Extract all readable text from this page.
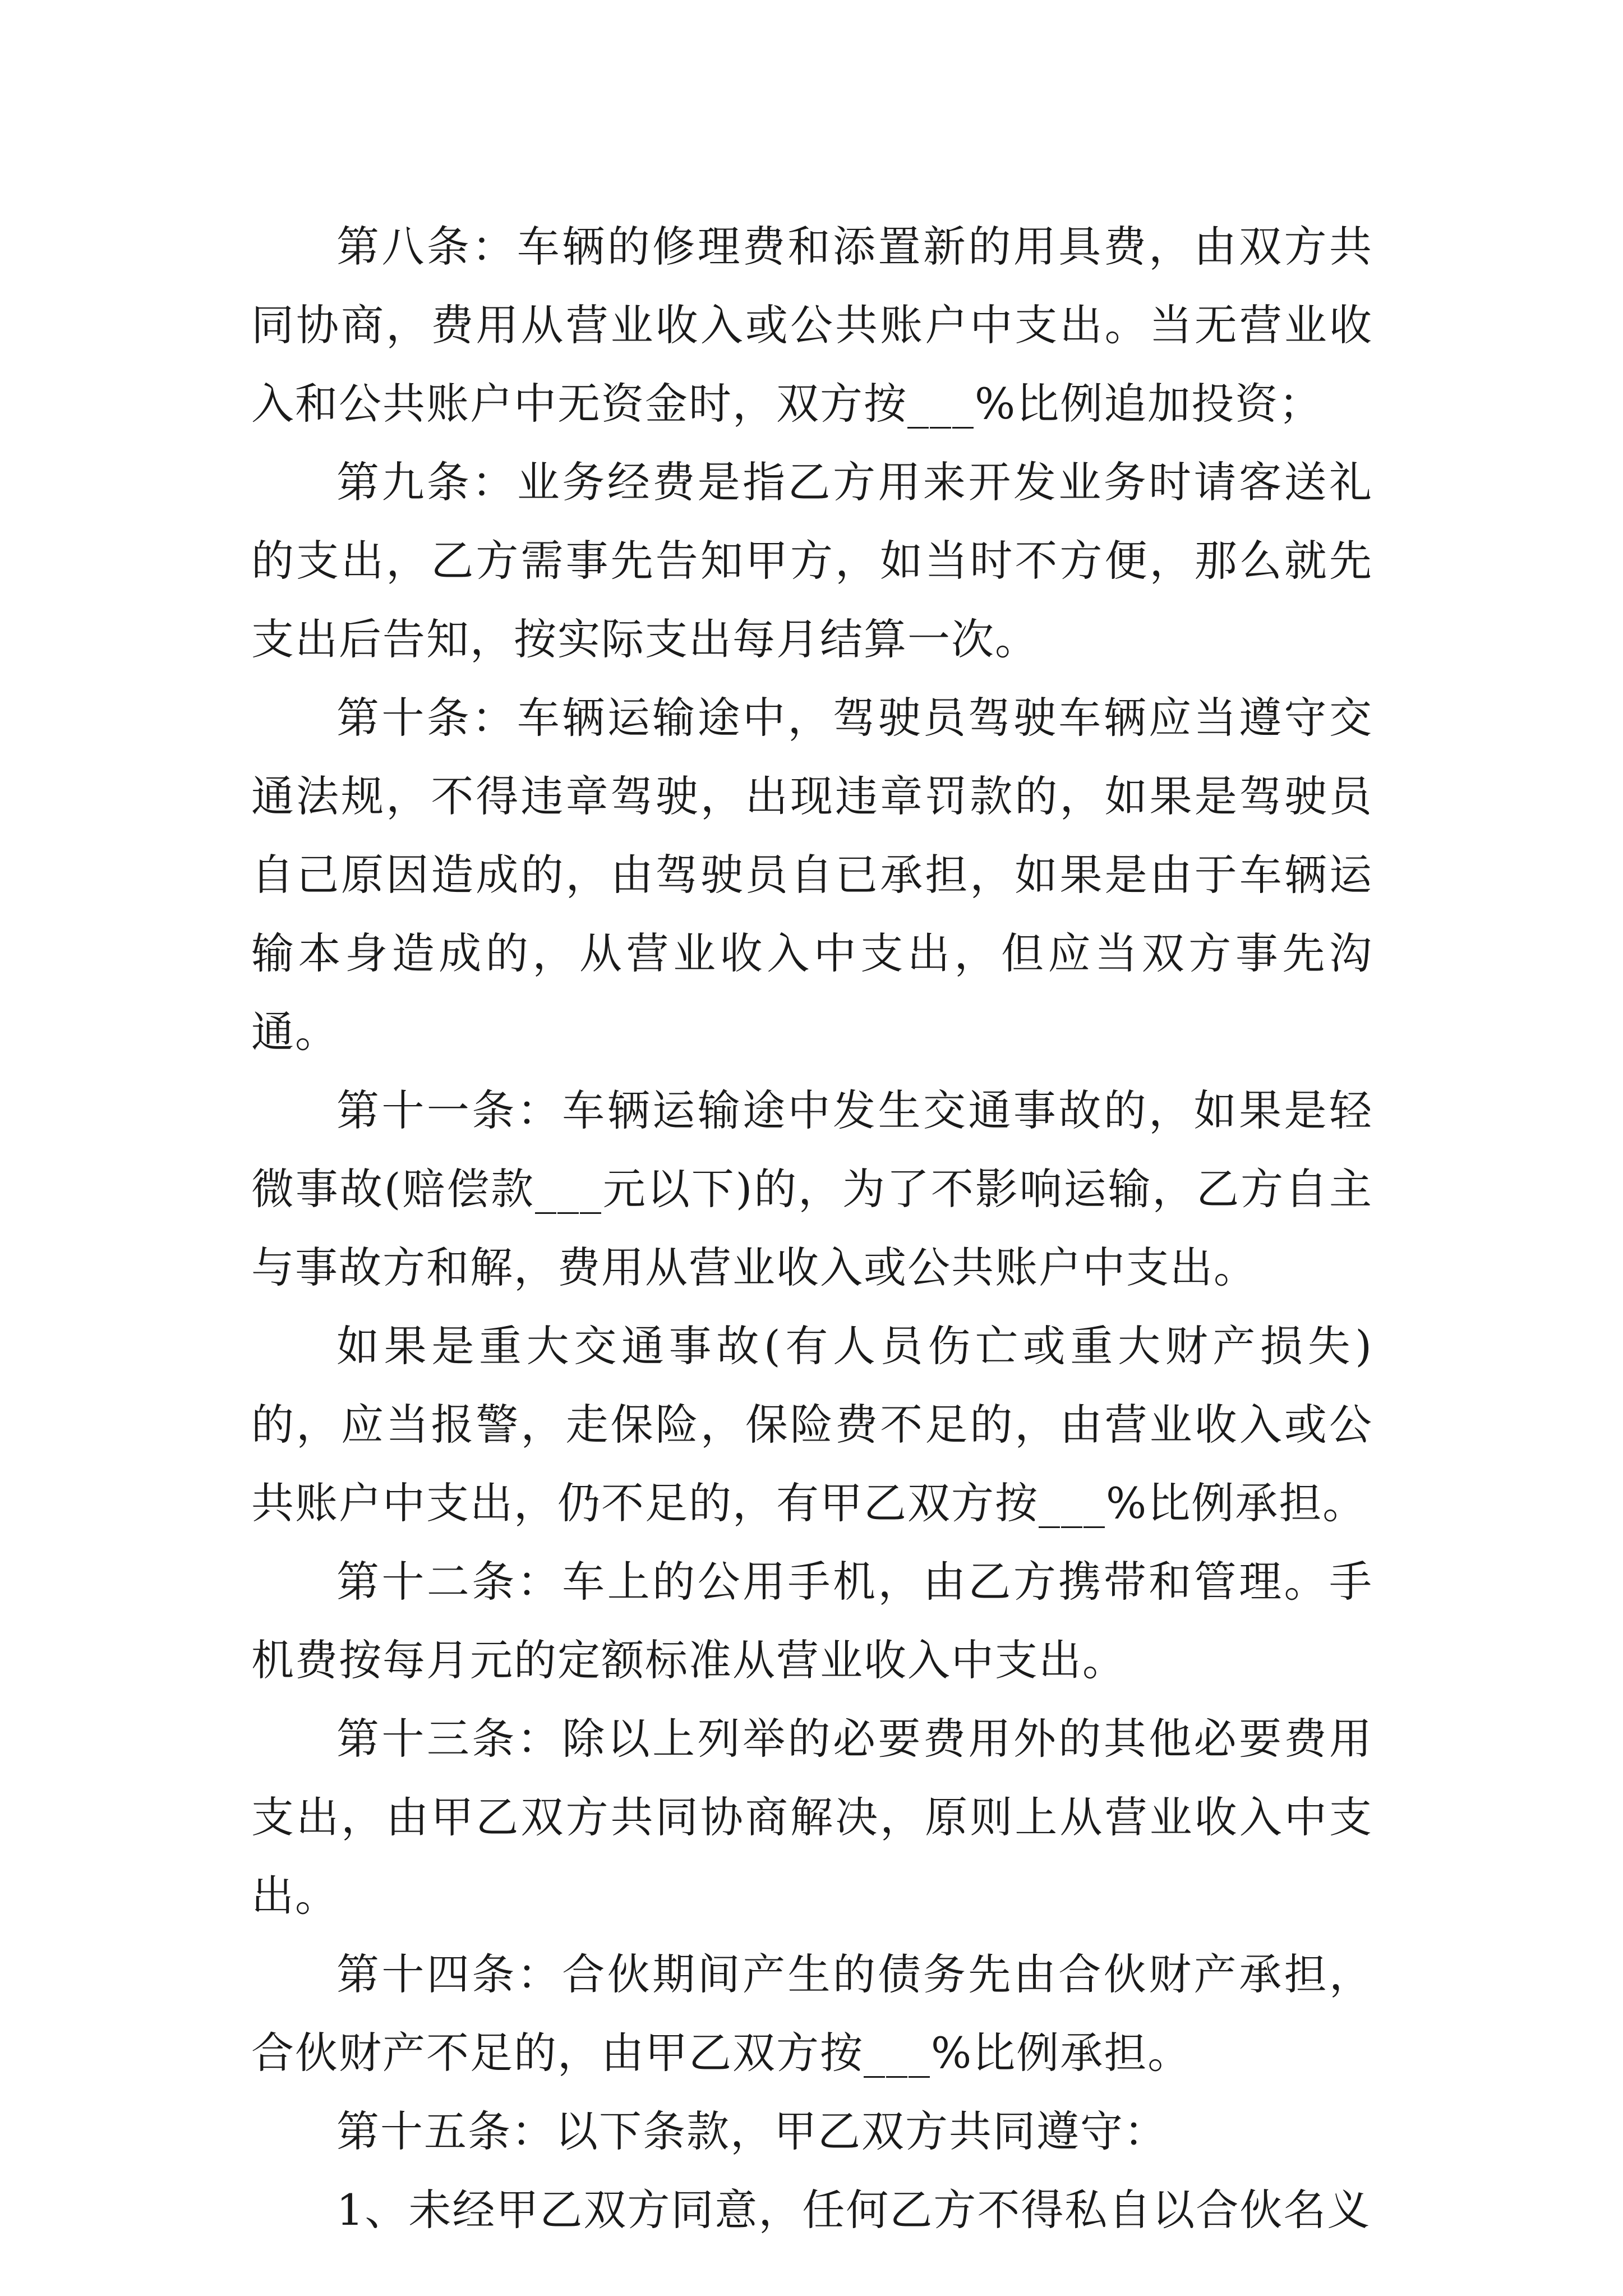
第八条：车辆的修理费和添置新的用具费，由双方共同协商，费用从营业收入或公共账户中支出。当无营业收入和公共账户中无资金时，双方按___%比例追加投资；

第九条：业务经费是指乙方用来开发业务时请客送礼的支出，乙方需事先告知甲方，如当时不方便，那么就先支出后告知，按实际支出每月结算一次。

第十条：车辆运输途中，驾驶员驾驶车辆应当遵守交通法规，不得违章驾驶，出现违章罚款的，如果是驾驶员自己原因造成的，由驾驶员自已承担，如果是由于车辆运输本身造成的，从营业收入中支出，但应当双方事先沟通。

第十一条：车辆运输途中发生交通事故的，如果是轻微事故(赔偿款___元以下)的，为了不影响运输，乙方自主与事故方和解，费用从营业收入或公共账户中支出。

如果是重大交通事故(有人员伤亡或重大财产损失)的，应当报警，走保险，保险费不足的，由营业收入或公共账户中支出，仍不足的，有甲乙双方按___%比例承担。

第十二条：车上的公用手机，由乙方携带和管理。手机费按每月元的定额标准从营业收入中支出。

第十三条：除以上列举的必要费用外的其他必要费用支出，由甲乙双方共同协商解决，原则上从营业收入中支出。

第十四条：合伙期间产生的债务先由合伙财产承担，合伙财产不足的，由甲乙双方按___%比例承担。

第十五条：以下条款，甲乙双方共同遵守：

1、未经甲乙双方同意，任何乙方不得私自以合伙名义
